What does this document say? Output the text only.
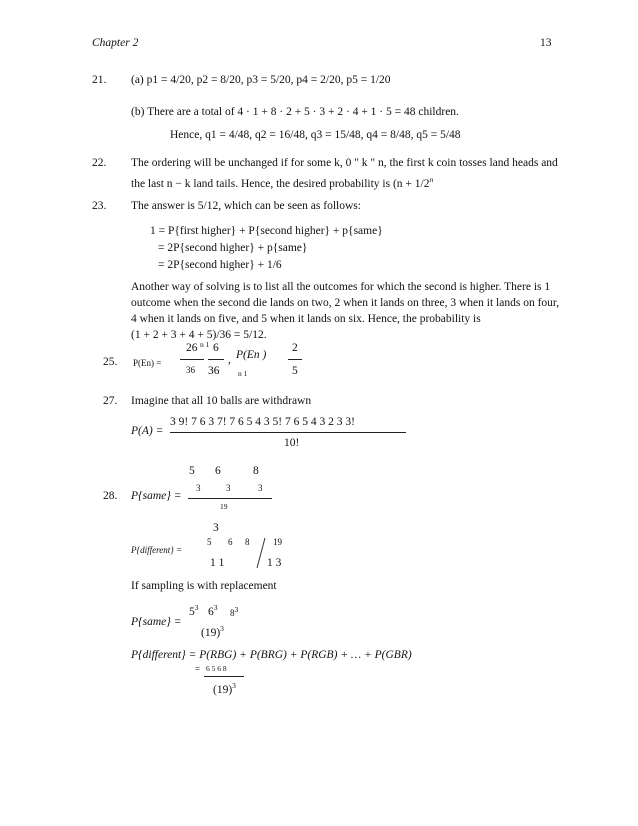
Chapter 2	13
21. (a) p1 = 4/20, p2 = 8/20, p3 = 5/20, p4 = 2/20, p5 = 1/20
(b) There are a total of 4 · 1 + 8 · 2 + 5 · 3 + 2 · 4 + 1 · 5 = 48 children.
Hence, q1 = 4/48, q2 = 16/48, q3 = 15/48, q4 = 8/48, q5 = 5/48
22. The ordering will be unchanged if for some k, 0 " k " n, the first k coin tosses land heads and
the last n − k land tails. Hence, the desired probability is ($n + 1/2^n$
23. The answer is 5/12, which can be seen as follows:
1 = P{first higher} + P{second higher} + p{same}
= 2P{second higher} + p{same}
= 2P{second higher} + 1/6
Another way of solving is to list all the outcomes for which the second is higher. There is 1
outcome when the second die lands on two, 2 when it lands on three, 3 when it lands on four,
4 when it lands on five, and 5 when it lands on six. Hence, the probability is
(1 + 2 + 3 + 4 + 5)/36 = 5/12.
25. P(En) =
26 n 1
36
6
36
, P(En )
n 1
2
5
27. Imagine that all 10 balls are withdrawn
P(A) =
3 9! 7 6 3 7! 7 6 5 4 3 5! 7 6 5 4 3 2 3 3!
10!
5 6	8
28. P{same} =
3	3	3
19
3
5 6 8	19
P{different} =
1 1	1 3
If sampling is with replacement
$5^3$ $6^3$
$8^3$
P{same} =
$(19)^3$
P{different} = P(RBG) + P(BRG) + P(RGB) + … + P(GBR)
= 6 5 6 8
$(19)^3$
